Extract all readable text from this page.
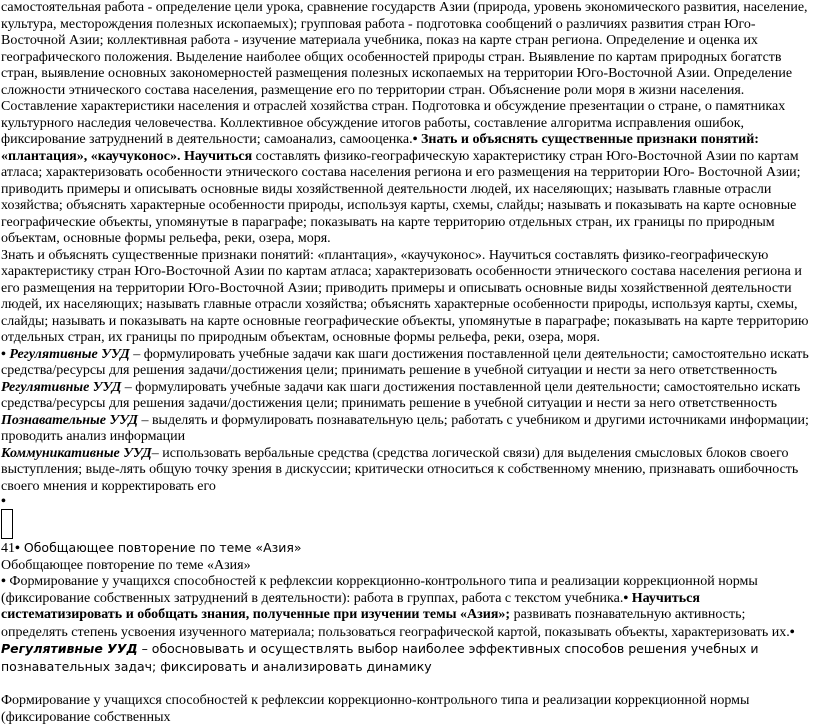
самостоятельная работа - определение цели урока, сравнение государств Азии (природа, уровень экономического развития, население, культура, месторождения полезных ископаемых); групповая работа - подготовка сообщений о различиях развития стран Юго-Восточной Азии; коллективная работа - изучение материала учебника, показ на карте стран региона. Определение и оценка их географического положения. Выделение наиболее общих особенностей природы стран. Выявление по картам природных богатств стран, выявление основных закономерностей размещения полезных ископаемых на территории Юго-Восточной Азии. Определение сложности этнического состава населения, размещение его по территории стран. Объяснение роли моря в жизни населения. Составление характеристики населения и отраслей хозяйства стран. Подготовка и обсуждение презентации о стране, о памятниках культурного наследия человечества. Коллективное обсуждение итогов работы, составление алгоритма исправления ошибок, фиксирование затруднений в деятельности; самоанализ, самооценка.• Знать и объяснять существенные признаки понятий: «плантация», «каучуконос». Научиться составлять физико-географическую характеристику стран Юго-Восточной Азии по картам атласа; характеризовать особенности этнического состава населения региона и его размещения на территории Юго- Восточной Азии; приводить примеры и описывать основные виды хозяйственной деятельности людей, их населяющих; называть главные отрасли хозяйства; объяснять характерные особенности природы, используя карты, схемы, слайды; называть и показывать на карте основные географические объекты, упомянутые в параграфе; показывать на карте территорию отдельных стран, их границы по природным объектам, основные формы рельефа, реки, озера, моря.

Знать и объяснять существенные признаки понятий: «плантация», «каучуконос». Научиться составлять физико-географическую характеристику стран Юго-Восточной Азии по картам атласа; характеризовать особенности этнического состава населения региона и его размещения на территории Юго-Восточной Азии; приводить примеры и описывать основные виды хозяйственной деятельности людей, их населяющих; называть главные отрасли хозяйства; объяснять характерные особенности природы, используя карты, схемы, слайды; называть и показывать на карте основные географические объекты, упомянутые в параграфе; показывать на карте территорию отдельных стран, их границы по природным объектам, основные формы рельефа, реки, озера, моря.

• Регулятивные УУД – формулировать учебные задачи как шаги достижения поставленной цели деятельности; самостоятельно искать средства/ресурсы для решения задачи/достижения цели; принимать решение в учебной ситуации и нести за него ответственность

Регулятивные УУД – формулировать учебные задачи как шаги достижения поставленной цели деятельности; самостоятельно искать средства/ресурсы для решения задачи/достижения цели; принимать решение в учебной ситуации и нести за него ответственность

Познавательные УУД – выделять и формулировать познавательную цель; работать с учебником и другими источниками информации; проводить анализ информации

Коммуникативные УУД– использовать вербальные средства (средства логической связи) для выделения смысловых блоков своего выступления; выде-лять общую точку зрения в дискуссии; критически относиться к собственному мнению, признавать ошибочность своего мнения и корректировать его

•

41• Обобщающее повторение по теме «Азия»

Обобщающее повторение по теме «Азия»

• Формирование у учащихся способностей к рефлексии коррекционно-контрольного типа и реализации коррекционной нормы (фиксирование собственных затруднений в деятельности): работа в группах, работа с текстом учебника.• Научиться систематизировать и обобщать знания, полученные при изучении темы «Азия»; развивать познавательную активность; определять степень усвоения изученного материала; пользоваться географической картой, показывать объекты, характеризовать их.• Регулятивные УУД – обосновывать и осуществлять выбор наиболее эффективных способов решения учебных и познавательных задач; фиксировать и анализировать динамику

Формирование у учащихся способностей к рефлексии коррекционно-контрольного типа и реализации коррекционной нормы (фиксирование собственных
